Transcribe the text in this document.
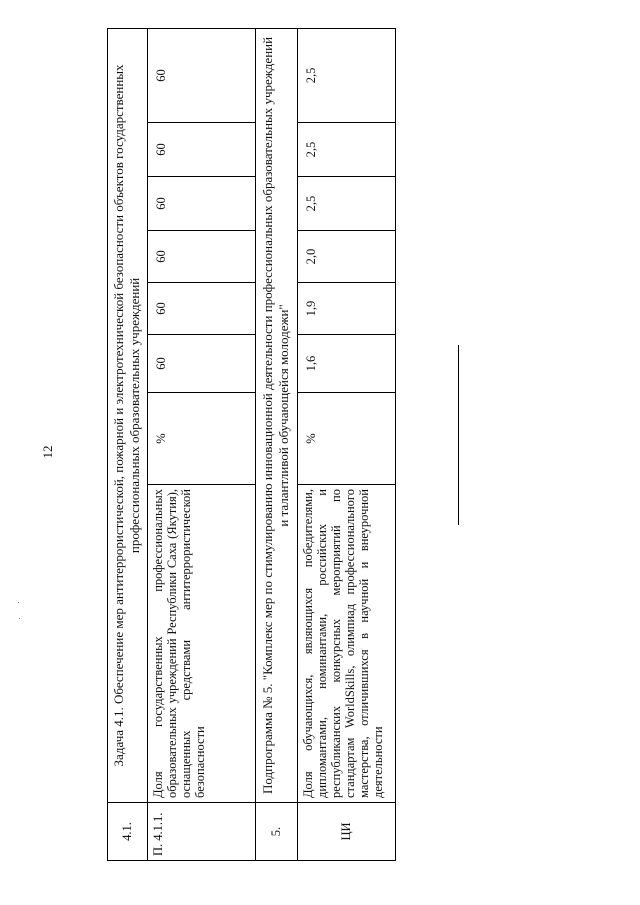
12
4.1.	Задача 4.1. Обеспечение мер антитеррористической, пожарной и электротехнической безопасности объектов государственных профессиональных образовательных учреждений							
П. 4.1.1.	Доля государственных профессиональных образовательных учреждений Республики Саха (Якутия), оснащенных средствами антитеррористической безопасности	%	60	60	60	60	60	60
5.	Подпрограмма № 5. "Комплекс мер по стимулированию инновационной деятельности профессиональных образовательных учреждений и талантливой обучающейся молодежи"							
ЦИ	Доля обучающихся, являющихся победителями, дипломантами, номинантами, российских и республиканских конкурсных мероприятий по стандартам WorldSkills, олимпиад профессионального мастерства, отличившихся в научной и внеурочной деятельности	%	1,6	1,9	2,0	2,5	2,5	2,5
